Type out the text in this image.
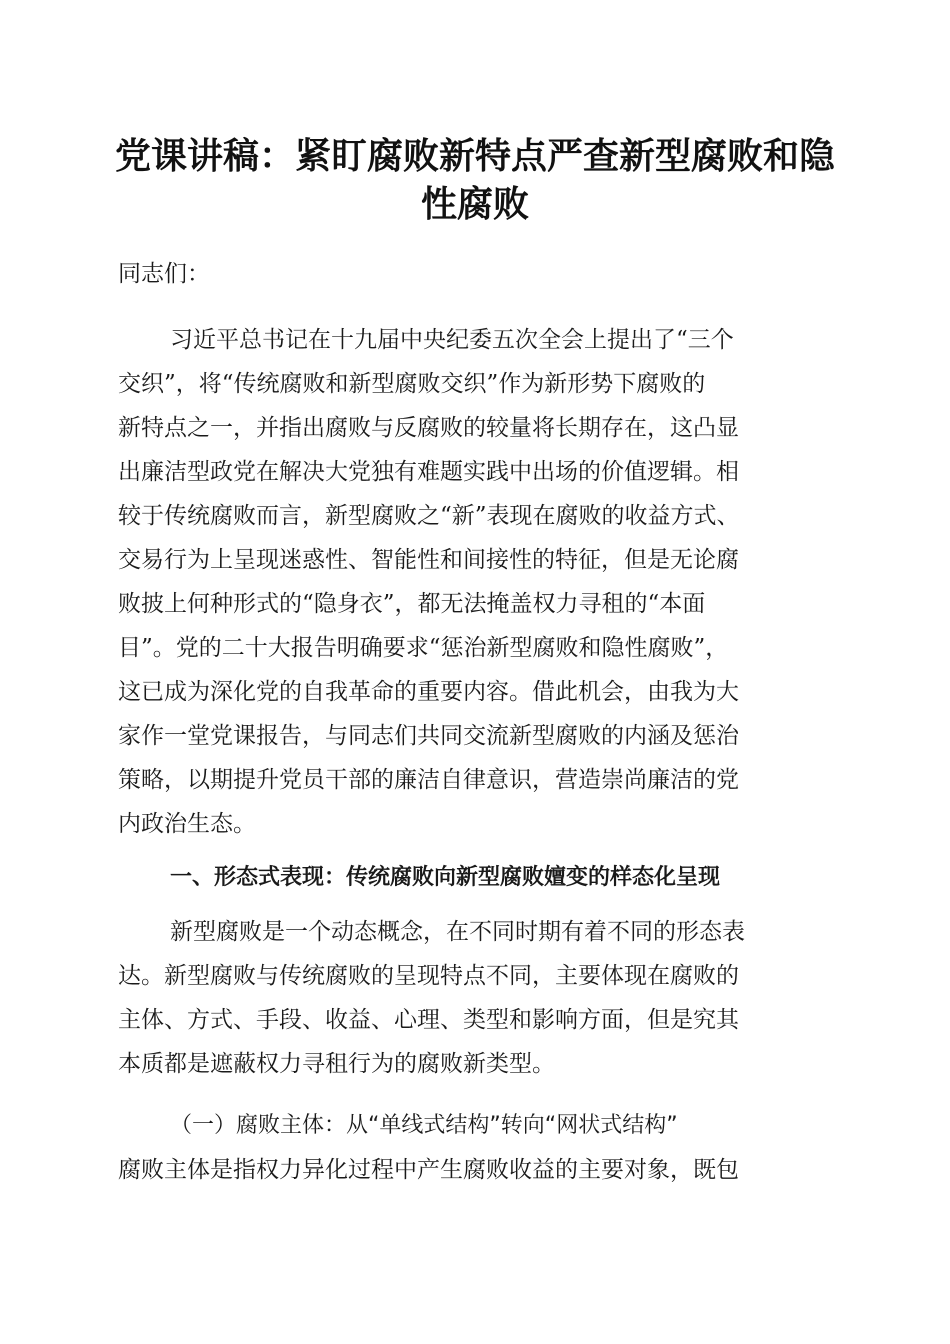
党课讲稿：紧盯腐败新特点严查新型腐败和隐
性腐败
同志们：
习近平总书记在十九届中央纪委五次全会上提出了“三个
交织”，将“传统腐败和新型腐败交织”作为新形势下腐败的
新特点之一，并指出腐败与反腐败的较量将长期存在，这凸显
出廉洁型政党在解决大党独有难题实践中出场的价值逻辑。相
较于传统腐败而言，新型腐败之“新”表现在腐败的收益方式、
交易行为上呈现迷惑性、智能性和间接性的特征，但是无论腐
败披上何种形式的“隐身衣”，都无法掩盖权力寻租的“本面
目”。党的二十大报告明确要求“惩治新型腐败和隐性腐败”，
这已成为深化党的自我革命的重要内容。借此机会，由我为大
家作一堂党课报告，与同志们共同交流新型腐败的内涵及惩治
策略，以期提升党员干部的廉洁自律意识，营造崇尚廉洁的党
内政治生态。
一、形态式表现：传统腐败向新型腐败嬗变的样态化呈现
新型腐败是一个动态概念，在不同时期有着不同的形态表
达。新型腐败与传统腐败的呈现特点不同，主要体现在腐败的
主体、方式、手段、收益、心理、类型和影响方面，但是究其
本质都是遮蔽权力寻租行为的腐败新类型。
（一）腐败主体：从“单线式结构”转向“网状式结构”
腐败主体是指权力异化过程中产生腐败收益的主要对象，既包
